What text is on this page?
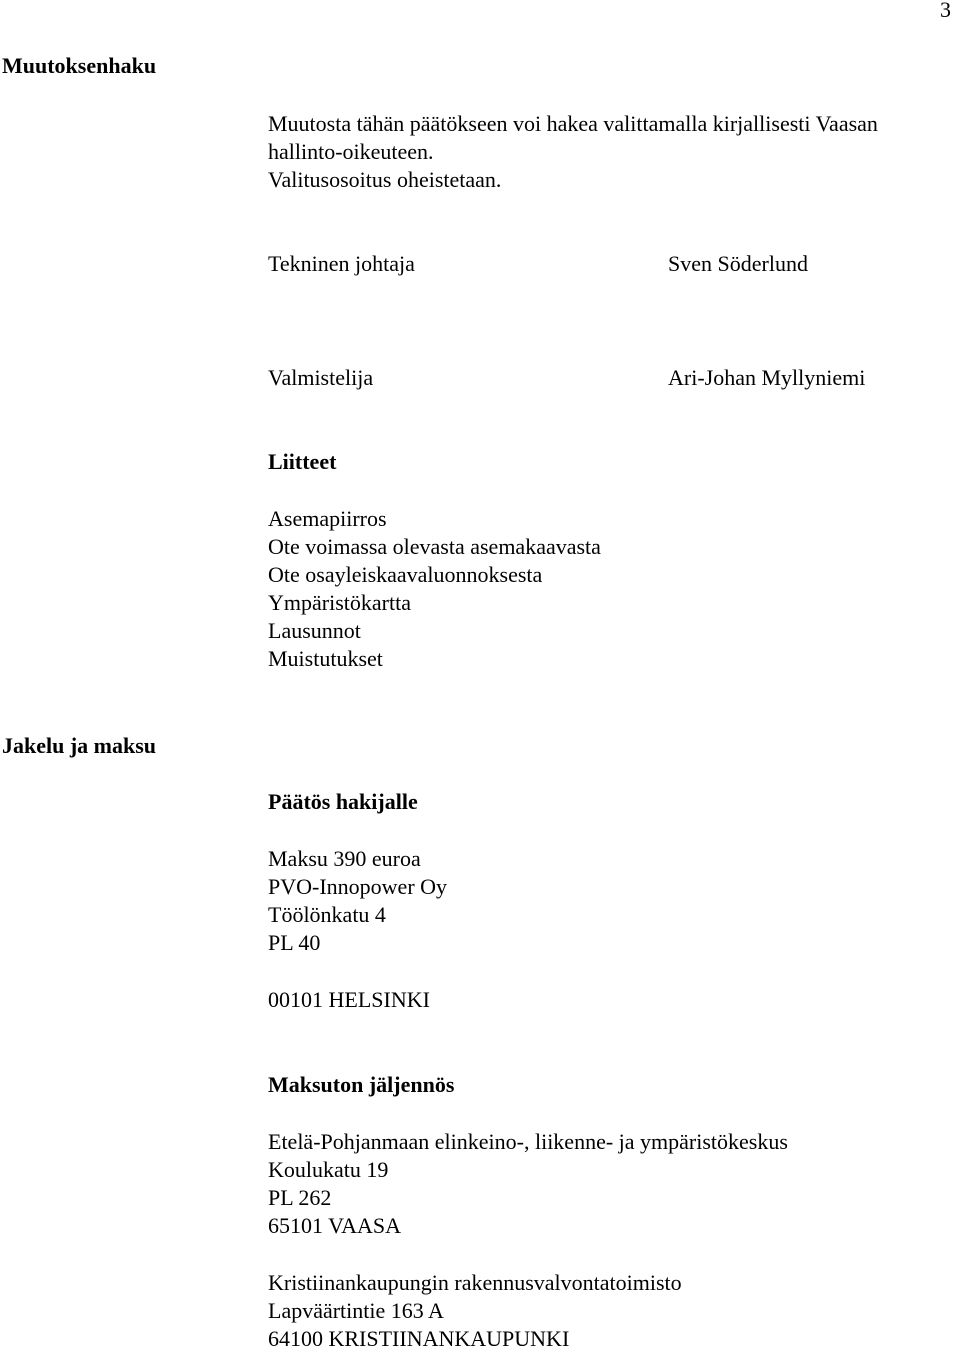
3
Muutoksenhaku
Muutosta tähän päätökseen voi hakea valittamalla kirjallisesti Vaasan
hallinto-oikeuteen.
Valitusosoitus oheistetaan.
Tekninen johtaja	Sven Söderlund
Valmistelija	Ari-Johan Myllyniemi
Liitteet
Asemapiirros
Ote voimassa olevasta asemakaavasta
Ote osayleiskaavaluonnoksesta
Ympäristökartta
Lausunnot
Muistutukset
Jakelu ja maksu
Päätös hakijalle
Maksu 390 euroa
PVO-Innopower Oy
Töölönkatu 4
PL 40
00101 HELSINKI
Maksuton jäljennös
Etelä-Pohjanmaan elinkeino-, liikenne- ja ympäristökeskus
Koulukatu 19
PL 262
65101 VAASA
Kristiinankaupungin rakennusvalvontatoimisto
Lapväärtintie 163 A
64100 KRISTIINANKAUPUNKI
